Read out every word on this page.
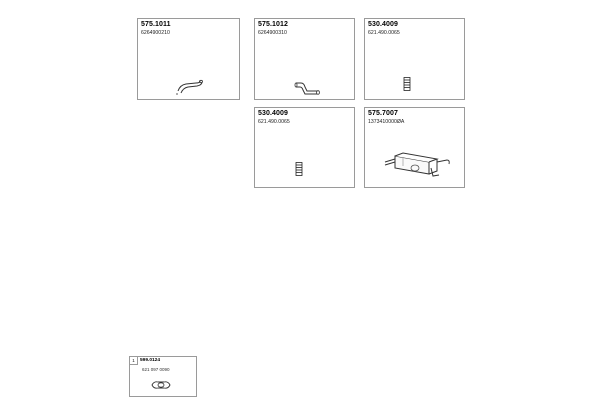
575.1011
6264900210
575.1012
6264900310
530.4009
621.490.0065
530.4009
621.490.0065
575.7007
1373410000ØA
1	599.0124
621 097 0090
